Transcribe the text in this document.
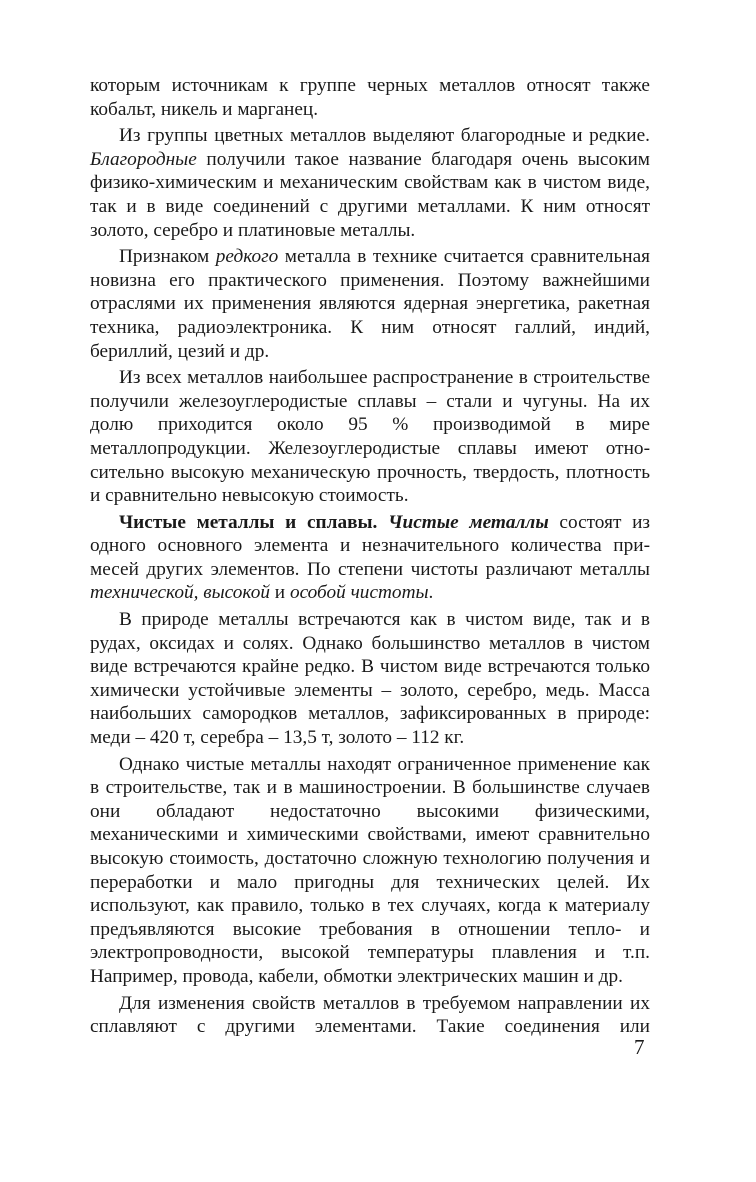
которым источникам к группе черных металлов относят также кобальт, никель и марганец.

Из группы цветных металлов выделяют благородные и редкие. Благородные получили такое название благодаря очень высоким физико-химическим и механическим свойствам как в чистом виде, так и в виде соединений с другими металлами. К ним относят золото, серебро и платиновые металлы.

Признаком редкого металла в технике считается сравнительная новизна его практического применения. Поэтому важнейшими отраслями их применения являются ядерная энергетика, ракетная техника, радиоэлектроника. К ним относят галлий, индий, бериллий, цезий и др.

Из всех металлов наибольшее распространение в строительстве получили железоуглеродистые сплавы – стали и чугуны. На их долю приходится около 95 % производимой в мире металлопродукции. Железоуглеродистые сплавы имеют относительно высокую механическую прочность, твердость, плотность и сравнительно невысокую стоимость.

Чистые металлы и сплавы. Чистые металлы состоят из одного основного элемента и незначительного количества примесей других элементов. По степени чистоты различают металлы технической, высокой и особой чистоты.

В природе металлы встречаются как в чистом виде, так и в рудах, оксидах и солях. Однако большинство металлов в чистом виде встречаются крайне редко. В чистом виде встречаются только химически устойчивые элементы – золото, серебро, медь. Масса наибольших самородков металлов, зафиксированных в природе: меди – 420 т, серебра – 13,5 т, золото – 112 кг.

Однако чистые металлы находят ограниченное применение как в строительстве, так и в машиностроении. В большинстве случаев они обладают недостаточно высокими физическими, механическими и химическими свойствами, имеют сравнительно высокую стоимость, достаточно сложную технологию получения и переработки и мало пригодны для технических целей. Их используют, как правило, только в тех случаях, когда к материалу предъявляются высокие требования в отношении тепло- и электропроводности, высокой температуры плавления и т.п. Например, провода, кабели, обмотки электрических машин и др.

Для изменения свойств металлов в требуемом направлении их сплавляют с другими элементами. Такие соединения или

7
